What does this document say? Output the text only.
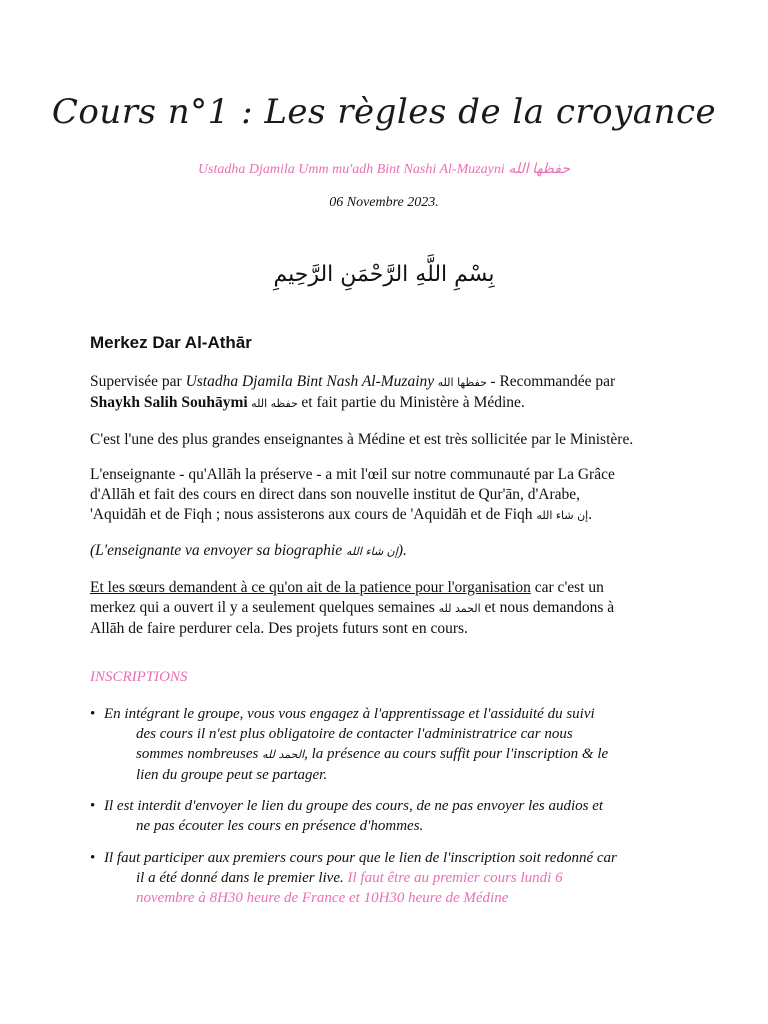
Cours n°1 : Les règles de la croyance
Ustadha Djamila Umm mu'adh Bint Nashi Al-Muzayni حفظها الله
06 Novembre 2023.
بِسْمِ اللَّهِ الرَّحْمَنِ الرَّحِيمِ
Merkez Dar Al-Athār
Supervisée par Ustadha Djamila Bint Nash Al-Muzainy حفظها الله - Recommandée par
Shaykh Salih Souhāymi حفظه الله et fait partie du Ministère à Médine.
C'est l'une des plus grandes enseignantes à Médine et est très sollicitée par le Ministère.
L'enseignante - qu'Allāh la préserve - a mit l'œil sur notre communauté par La Grâce
d'Allāh et fait des cours en direct dans son nouvelle institut de Qur'ān, d'Arabe,
'Aquidāh et de Fiqh ; nous assisterons aux cours de 'Aquidāh et de Fiqh إن شاء الله.
(L'enseignante va envoyer sa biographie إن شاء الله).
Et les sœurs demandent à ce qu'on ait de la patience pour l'organisation car c'est un
merkez qui a ouvert il y a seulement quelques semaines الحمد لله et nous demandons à
Allāh de faire perdurer cela. Des projets futurs sont en cours.
INSCRIPTIONS
• En intégrant le groupe, vous vous engagez à l'apprentissage et l'assiduité du suivi
des cours il n'est plus obligatoire de contacter l'administratrice car nous
sommes nombreuses الحمد لله, la présence au cours suffit pour l'inscription & le
lien du groupe peut se partager.
• Il est interdit d'envoyer le lien du groupe des cours, de ne pas envoyer les audios et
ne pas écouter les cours en présence d'hommes.
• Il faut participer aux premiers cours pour que le lien de l'inscription soit redonné car
il a été donné dans le premier live. Il faut être au premier cours lundi 6
novembre à 8H30 heure de France et 10H30 heure de Médine
